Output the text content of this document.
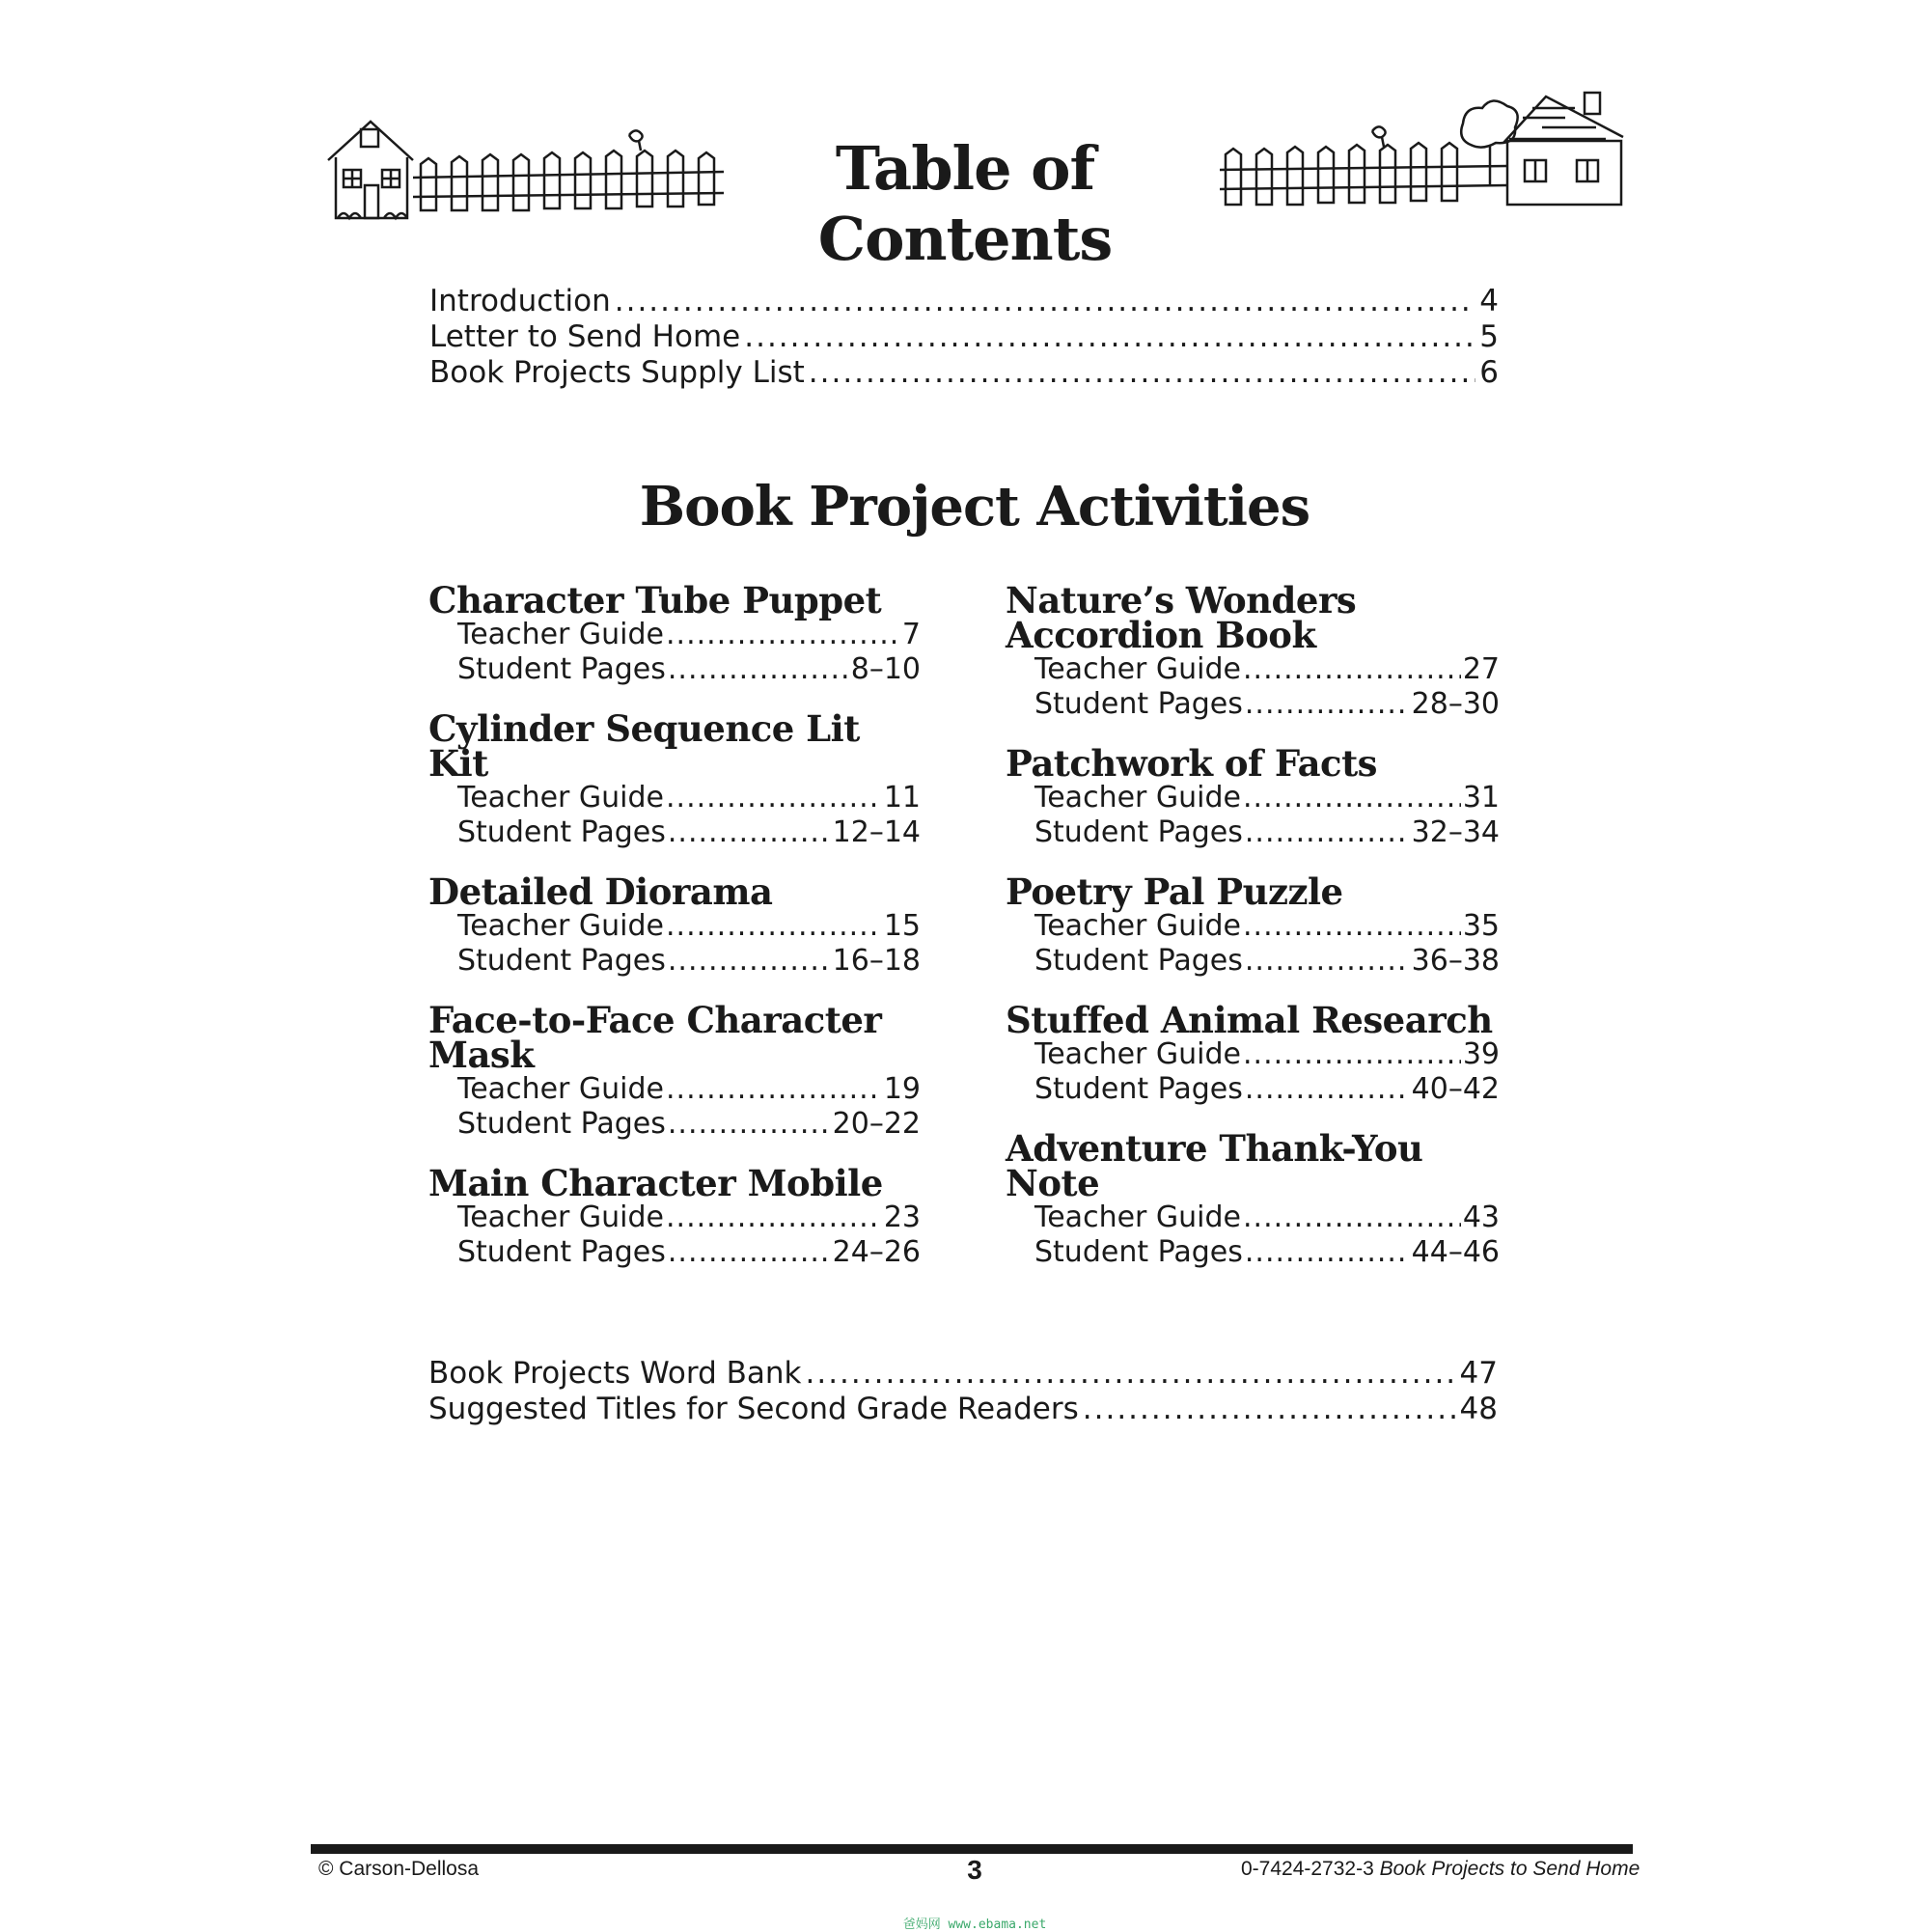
Table of Contents
Introduction .....	4
Letter to Send Home .....	5
Book Projects Supply List .....	6
Book Project Activities
Character Tube Puppet
Teacher Guide .....	7
Student Pages .....	8–10
Cylinder Sequence Lit Kit
Teacher Guide .....	11
Student Pages .....	12–14
Detailed Diorama
Teacher Guide .....	15
Student Pages .....	16–18
Face-to-Face Character Mask
Teacher Guide .....	19
Student Pages .....	20–22
Main Character Mobile
Teacher Guide .....	23
Student Pages .....	24–26
Nature’s Wonders
Accordion Book
Teacher Guide .....	27
Student Pages .....	28–30
Patchwork of Facts
Teacher Guide .....	31
Student Pages .....	32–34
Poetry Pal Puzzle
Teacher Guide .....	35
Student Pages .....	36–38
Stuffed Animal Research
Teacher Guide .....	39
Student Pages .....	40–42
Adventure Thank-You Note
Teacher Guide .....	43
Student Pages .....	44–46
Book Projects Word Bank .....	47
Suggested Titles for Second Grade Readers .....	48
© Carson-Dellosa	3	0-7424-2732-3 Book Projects to Send Home
爸妈网 www.ebama.net
